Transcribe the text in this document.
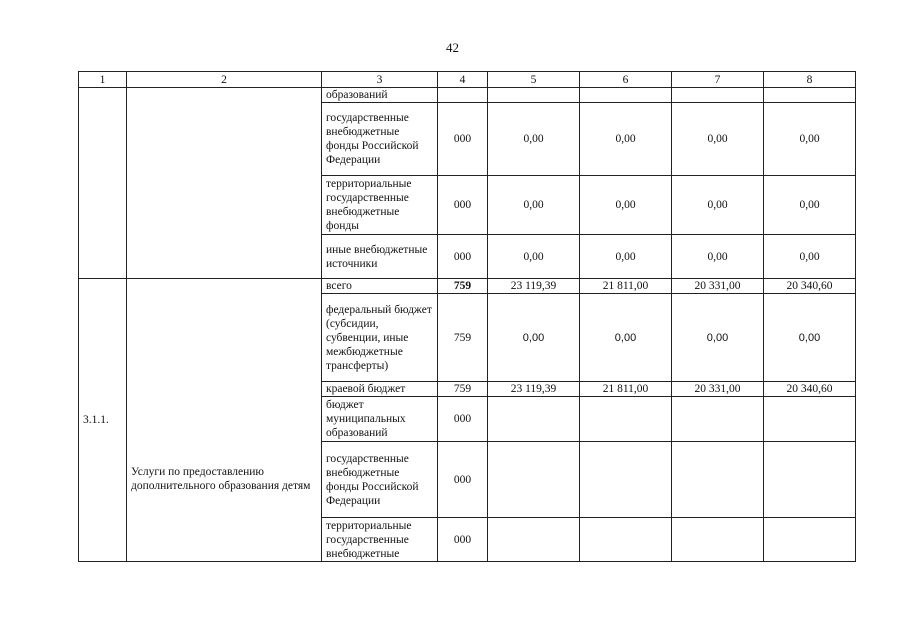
42
1	2	3	4	5	6	7	8
		образований					
		государственные внебюджетные фонды Российской Федерации	000	0,00	0,00	0,00	0,00
		территориальные государственные внебюджетные фонды	000	0,00	0,00	0,00	0,00
		иные внебюджетные источники	000	0,00	0,00	0,00	0,00
3.1.1.	Услуги по предоставлению дополнительного образования детям	всего	759	23 119,39	21 811,00	20 331,00	20 340,60
		федеральный бюджет (субсидии, субвенции, иные межбюджетные трансферты)	759	0,00	0,00	0,00	0,00
		краевой бюджет	759	23 119,39	21 811,00	20 331,00	20 340,60
		бюджет муниципальных образований	000				
		государственные внебюджетные фонды Российской Федерации	000				
		территориальные государственные внебюджетные	000				
